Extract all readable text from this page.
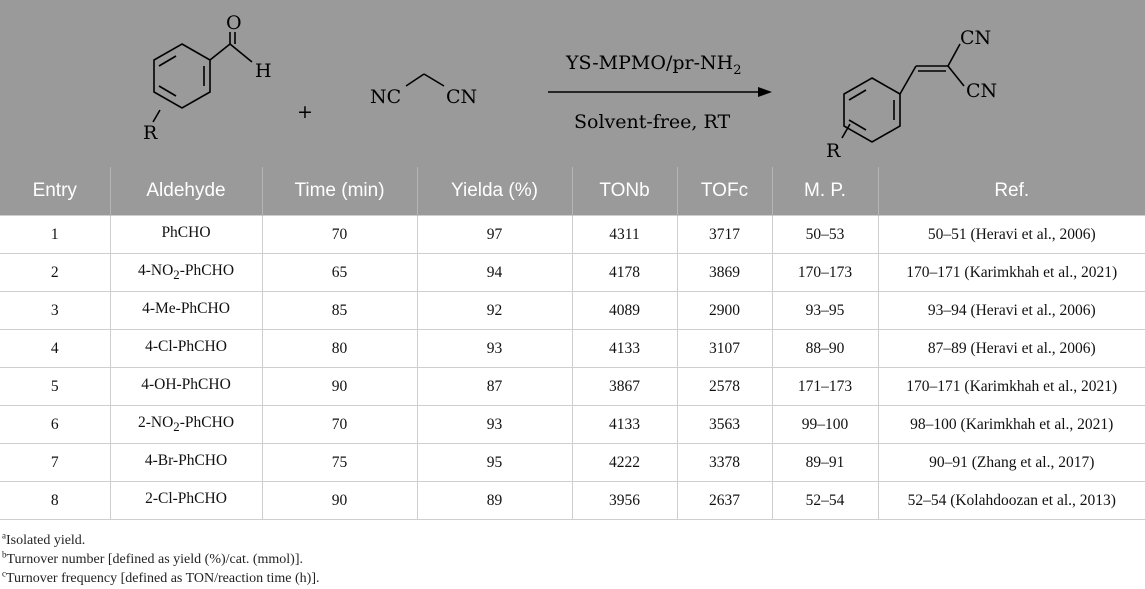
O
H
R
+
NC CN
$YS-MPMO/pr-NH_2$
Solvent-free, RT
CN
CN
R
Entry	Aldehyde	Time (min)	Yielda (%)	TONb	TOFc	M. P.	Ref.
1	PhCHO	70	97	4311	3717	50–53	50–51 (Heravi et al., 2006)
2	$4-NO_2$-PhCHO	65	94	4178	3869	170–173	170–171 (Karimkhah et al., 2021)
3	4-Me-PhCHO	85	92	4089	2900	93–95	93–94 (Heravi et al., 2006)
4	4-Cl-PhCHO	80	93	4133	3107	88–90	87–89 (Heravi et al., 2006)
5	4-OH-PhCHO	90	87	3867	2578	171–173	170–171 (Karimkhah et al., 2021)
6	$2-NO_2$-PhCHO	70	93	4133	3563	99–100	98–100 (Karimkhah et al., 2021)
7	4-Br-PhCHO	75	95	4222	3378	89–91	90–91 (Zhang et al., 2017)
8	2-Cl-PhCHO	90	89	3956	2637	52–54	52–54 (Kolahdoozan et al., 2013)
$^a$Isolated yield.
$^b$Turnover number [defined as yield (%)/cat. (mmol)].
$^c$Turnover frequency [defined as TON/reaction time (h)].
